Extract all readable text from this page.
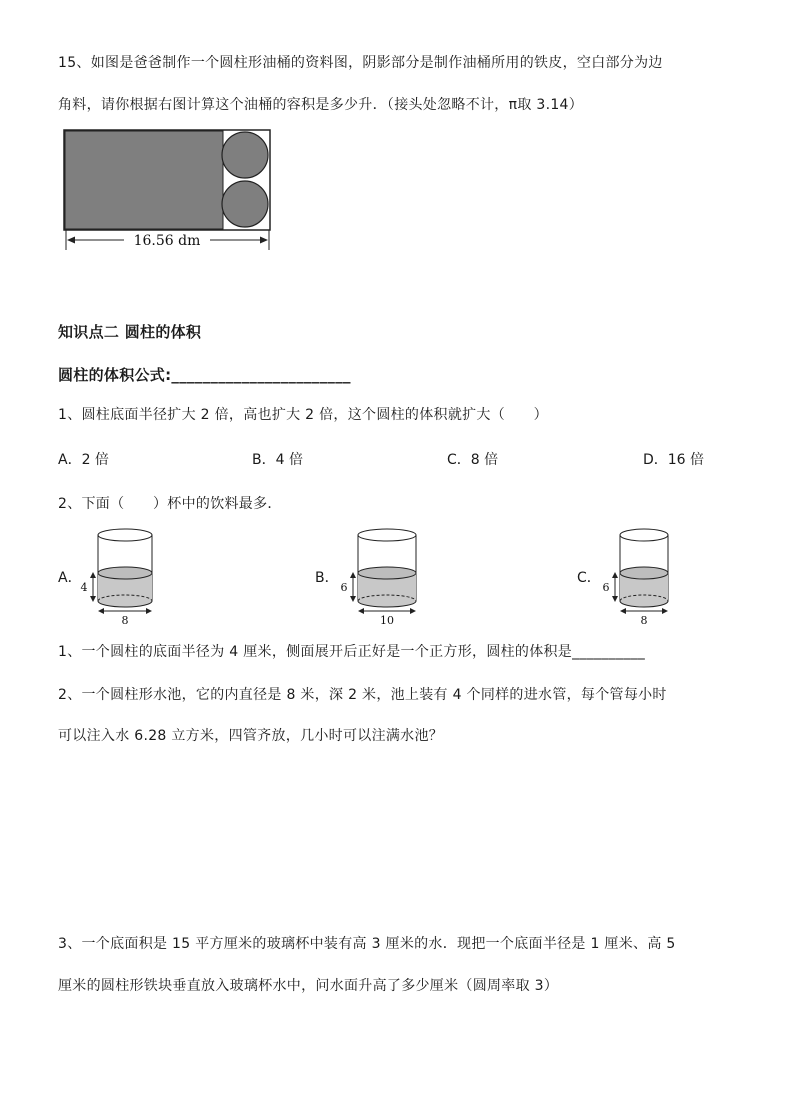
15、如图是爸爸制作一个圆柱形油桶的资料图，阴影部分是制作油桶所用的铁皮，空白部分为边
角料，请你根据右图计算这个油桶的容积是多少升．（接头处忽略不计，π取 3.14）
16.56 dm
知识点二 圆柱的体积
圆柱的体积公式:_______________________
1、圆柱底面半径扩大 2 倍，高也扩大 2 倍，这个圆柱的体积就扩大（　　）
A．2 倍	B．4 倍	C．8 倍	D．16 倍
2、下面（　　）杯中的饮料最多．
A．
4
8
B．
6
10
C．
6
8
1、一个圆柱的底面半径为 4 厘米，侧面展开后正好是一个正方形，圆柱的体积是__________
2、一个圆柱形水池，它的内直径是 8 米，深 2 米，池上装有 4 个同样的进水管，每个管每小时
可以注入水 6.28 立方米，四管齐放，几小时可以注满水池？
3、一个底面积是 15 平方厘米的玻璃杯中装有高 3 厘米的水．现把一个底面半径是 1 厘米、高 5
厘米的圆柱形铁块垂直放入玻璃杯水中，问水面升高了多少厘米（圆周率取 3）
